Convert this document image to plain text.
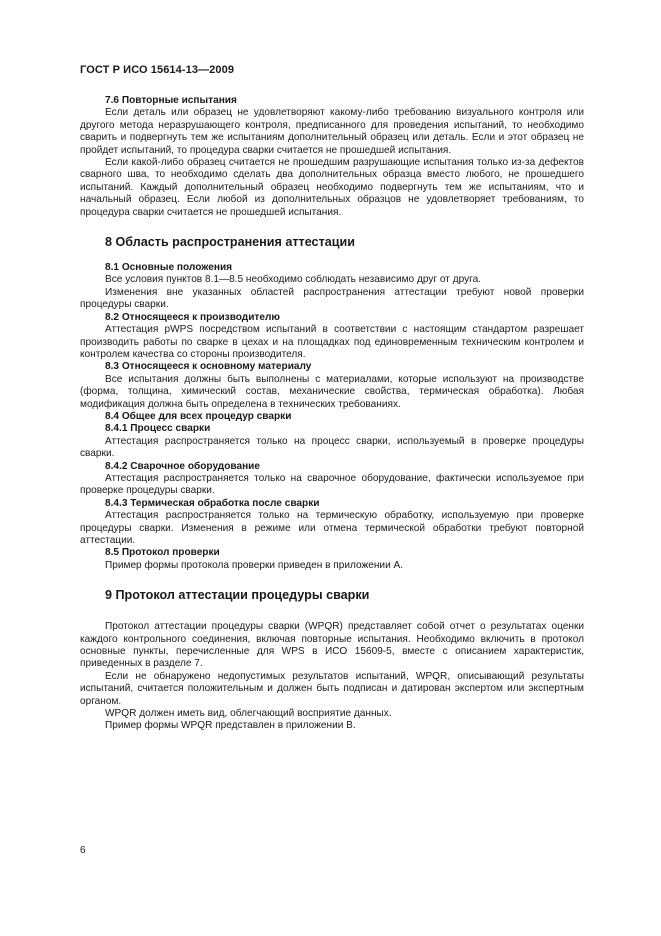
ГОСТ Р ИСО 15614-13—2009
7.6 Повторные испытания

Если деталь или образец не удовлетворяют какому-либо требованию визуального контроля или другого метода неразрушающего контроля, предписанного для проведения испытаний, то необходимо сварить и подвергнуть тем же испытаниям дополнительный образец или деталь. Если и этот образец не пройдет испытаний, то процедура сварки считается не прошедшей испытания.

Если какой-либо образец считается не прошедшим разрушающие испытания только из-за дефектов сварного шва, то необходимо сделать два дополнительных образца вместо любого, не прошедшего испытаний. Каждый дополнительный образец необходимо подвергнуть тем же испытаниям, что и начальный образец. Если любой из дополнительных образцов не удовлетворяет требованиям, то процедура сварки считается не прошедшей испытания.

8 Область распространения аттестации
8.1 Основные положения

Все условия пунктов 8.1—8.5 необходимо соблюдать независимо друг от друга.

Изменения вне указанных областей распространения аттестации требуют новой проверки процедуры сварки.

8.2 Относящееся к производителю

Аттестация pWPS посредством испытаний в соответствии с настоящим стандартом разрешает производить работы по сварке в цехах и на площадках под единовременным техническим контролем и контролем качества со стороны производителя.

8.3 Относящееся к основному материалу

Все испытания должны быть выполнены с материалами, которые используют на производстве (форма, толщина, химический состав, механические свойства, термическая обработка). Любая модификация должна быть определена в технических требованиях.

8.4 Общее для всех процедур сварки
8.4.1 Процесс сварки

Аттестация распространяется только на процесс сварки, используемый в проверке процедуры сварки.

8.4.2 Сварочное оборудование

Аттестация распространяется только на сварочное оборудование, фактически используемое при проверке процедуры сварки.

8.4.3 Термическая обработка после сварки

Аттестация распространяется только на термическую обработку, используемую при проверке процедуры сварки. Изменения в режиме или отмена термической обработки требуют повторной аттестации.

8.5 Протокол проверки

Пример формы протокола проверки приведен в приложении А.

9 Протокол аттестации процедуры сварки

Протокол аттестации процедуры сварки (WPQR) представляет собой отчет о результатах оценки каждого контрольного соединения, включая повторные испытания. Необходимо включить в протокол основные пункты, перечисленные для WPS в ИСО 15609-5, вместе с описанием характеристик, приведенных в разделе 7.

Если не обнаружено недопустимых результатов испытаний, WPQR, описывающий результаты испытаний, считается положительным и должен быть подписан и датирован экспертом или экспертным органом.

WPQR должен иметь вид, облегчающий восприятие данных.

Пример формы WPQR представлен в приложении В.

6
